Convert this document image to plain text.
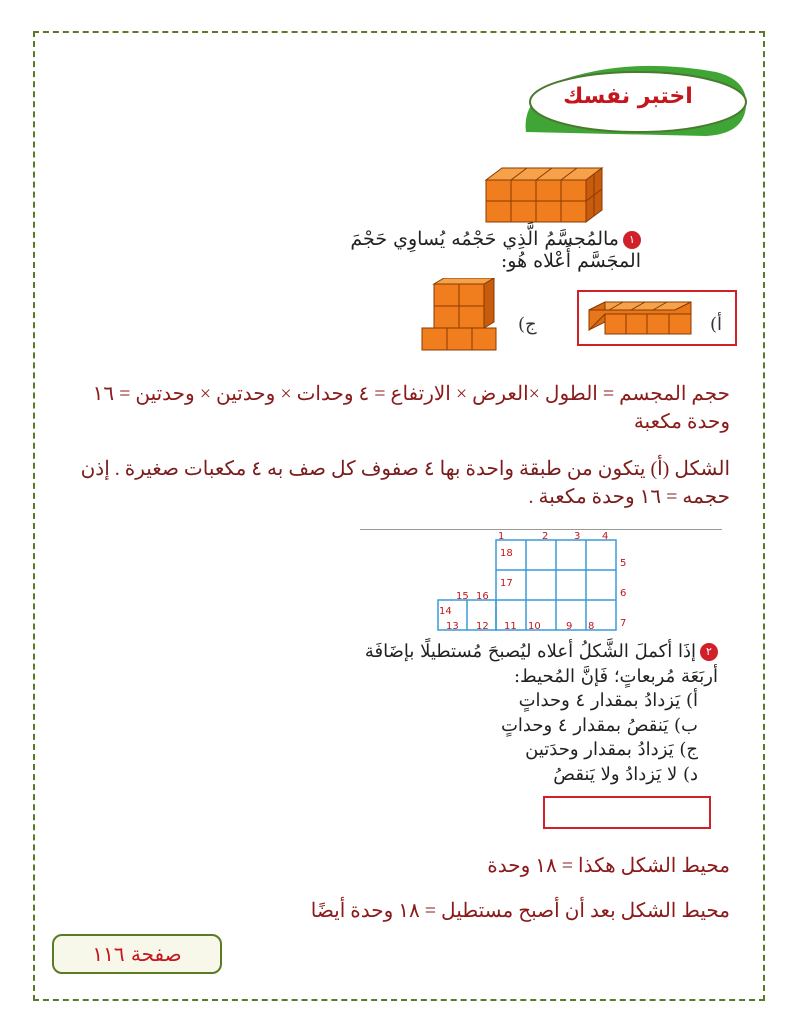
اختبر نفسك
١مالمُجسَّمُ الَّذِي حَجْمُه يُساوِي حَجْمَ المجَسَّم أَعْلاه هُو:
أ)
ج)
حجم المجسم = الطول ×العرض × الارتفاع = ٤ وحدات × وحدتين × وحدتين = ١٦ وحدة مكعبة
الشكل (أ) يتكون من طبقة واحدة بها ٤ صفوف كل صف به ٤ مكعبات صغيرة . إذن حجمه = ١٦ وحدة مكعبة .
1	2	3 4
5
6
7
8
9
10
11
12
13
14
15 16
17
18
٢إذَا أكملَ الشَّكلُ أعلاه ليُصبحَ مُستطيلًا بإضَافَة أربَعَة مُربعاتٍ؛ فَإنَّ المُحيط:
أ) يَزدادُ بمقدار ٤ وحداتٍ
ب) يَنقصُ بمقدار ٤ وحداتٍ
ج) يَزدادُ بمقدار وحدَتين
د) لا يَزدادُ ولا يَنقصُ
محيط الشكل هكذا = ١٨ وحدة
محيط الشكل بعد أن أصبح مستطيل = ١٨ وحدة أيضًا
صفحة ١١٦
